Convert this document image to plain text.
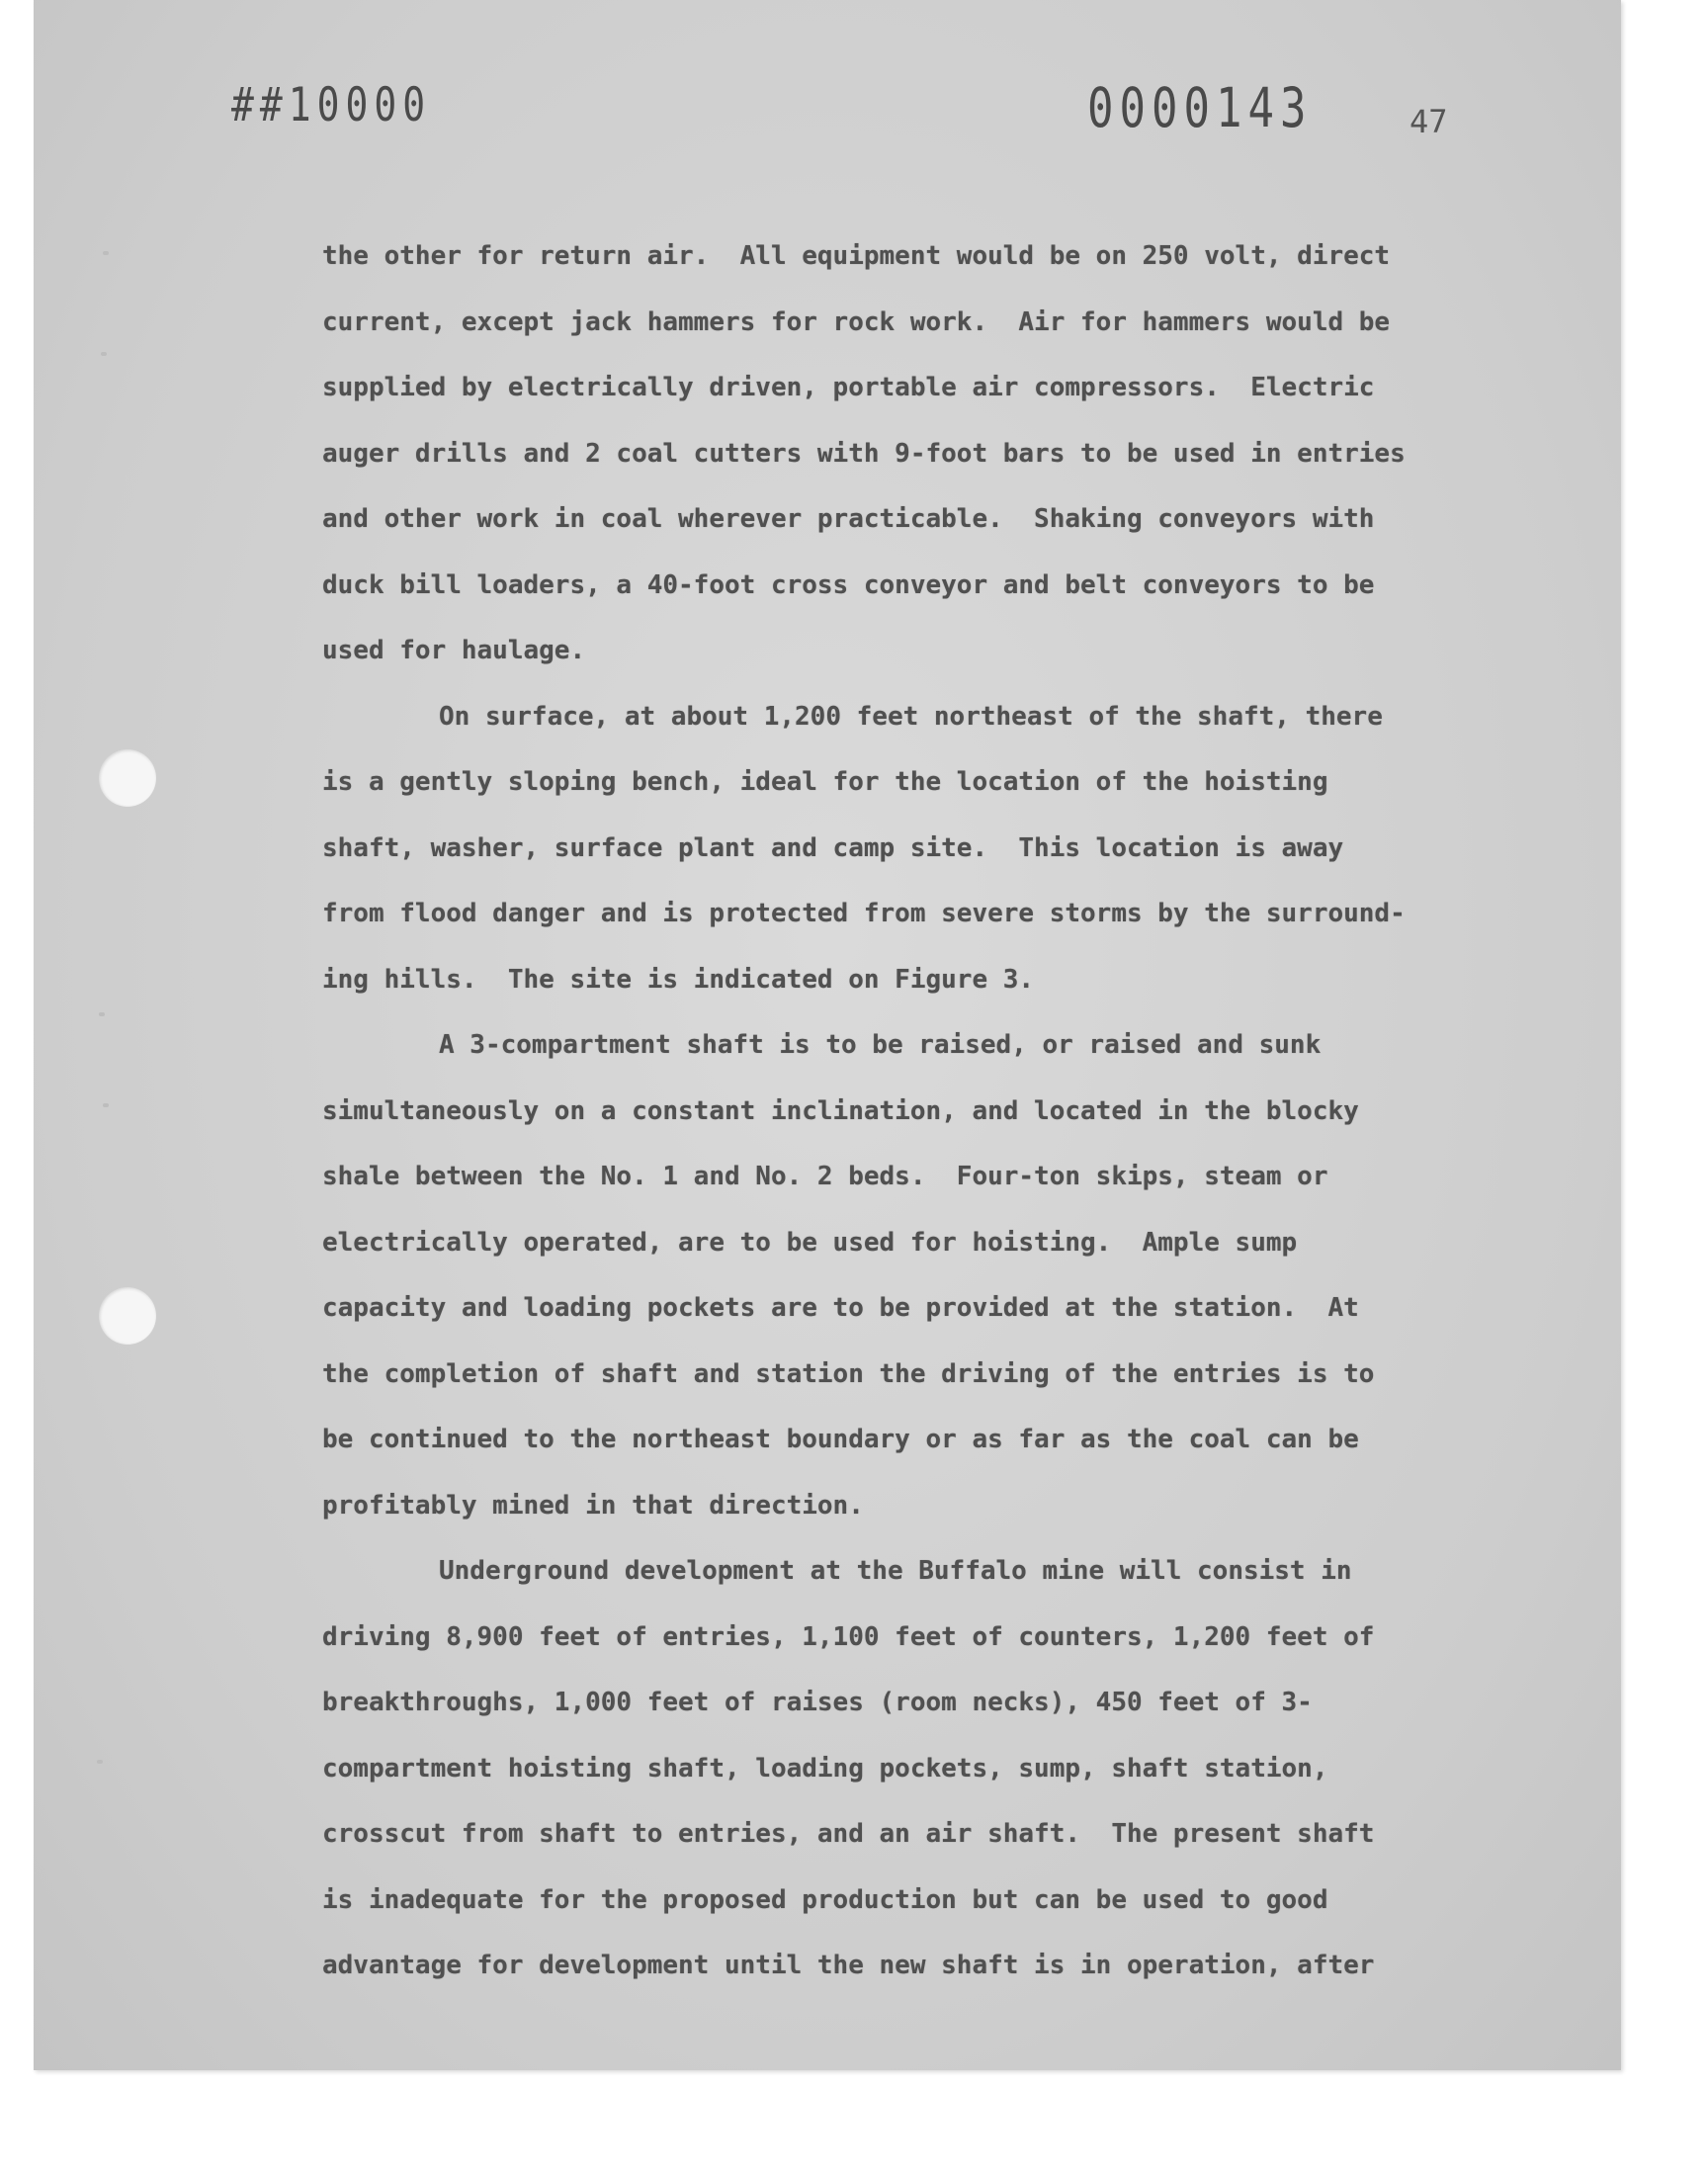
##10000	0000143	47
the other for return air.  All equipment would be on 250 volt, direct
current, except jack hammers for rock work.  Air for hammers would be
supplied by electrically driven, portable air compressors.  Electric
auger drills and 2 coal cutters with 9-foot bars to be used in entries
and other work in coal wherever practicable.  Shaking conveyors with
duck bill loaders, a 40-foot cross conveyor and belt conveyors to be
used for haulage.
On surface, at about 1,200 feet northeast of the shaft, there
is a gently sloping bench, ideal for the location of the hoisting
shaft, washer, surface plant and camp site.  This location is away
from flood danger and is protected from severe storms by the surround-
ing hills.  The site is indicated on Figure 3.
A 3-compartment shaft is to be raised, or raised and sunk
simultaneously on a constant inclination, and located in the blocky
shale between the No. 1 and No. 2 beds.  Four-ton skips, steam or
electrically operated, are to be used for hoisting.  Ample sump
capacity and loading pockets are to be provided at the station.  At
the completion of shaft and station the driving of the entries is to
be continued to the northeast boundary or as far as the coal can be
profitably mined in that direction.
Underground development at the Buffalo mine will consist in
driving 8,900 feet of entries, 1,100 feet of counters, 1,200 feet of
breakthroughs, 1,000 feet of raises (room necks), 450 feet of 3-
compartment hoisting shaft, loading pockets, sump, shaft station,
crosscut from shaft to entries, and an air shaft.  The present shaft
is inadequate for the proposed production but can be used to good
advantage for development until the new shaft is in operation, after
